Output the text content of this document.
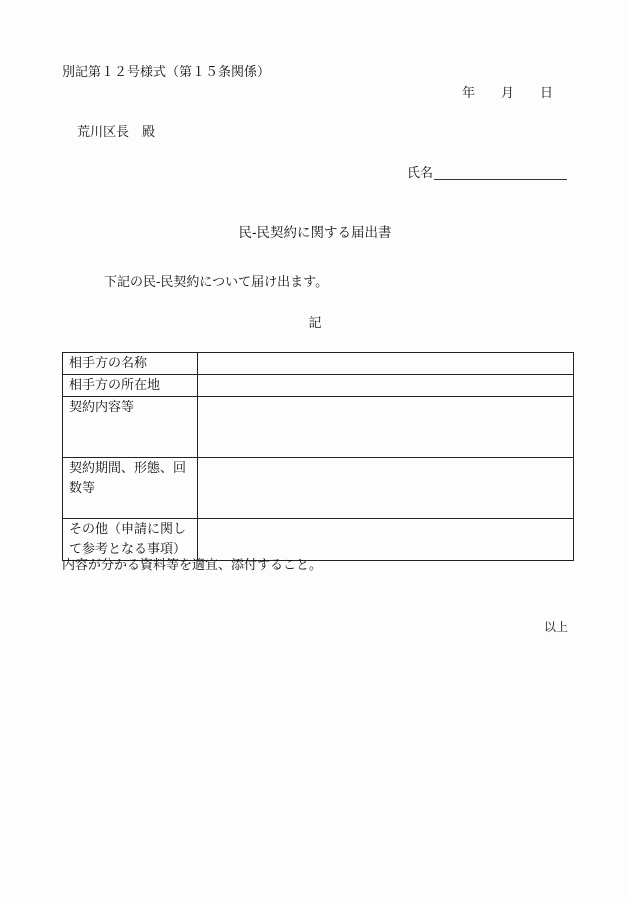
別記第１２号様式（第１５条関係）
年 月 日
荒川区長　殿
氏名
民-民契約に関する届出書
下記の民-民契約について届け出ます。
記
相手方の名称	
相手方の所在地	
契約内容等	
契約期間、形態、回数等	
その他（申請に関して参考となる事項）	
内容が分かる資料等を適宜、添付すること。
以上
